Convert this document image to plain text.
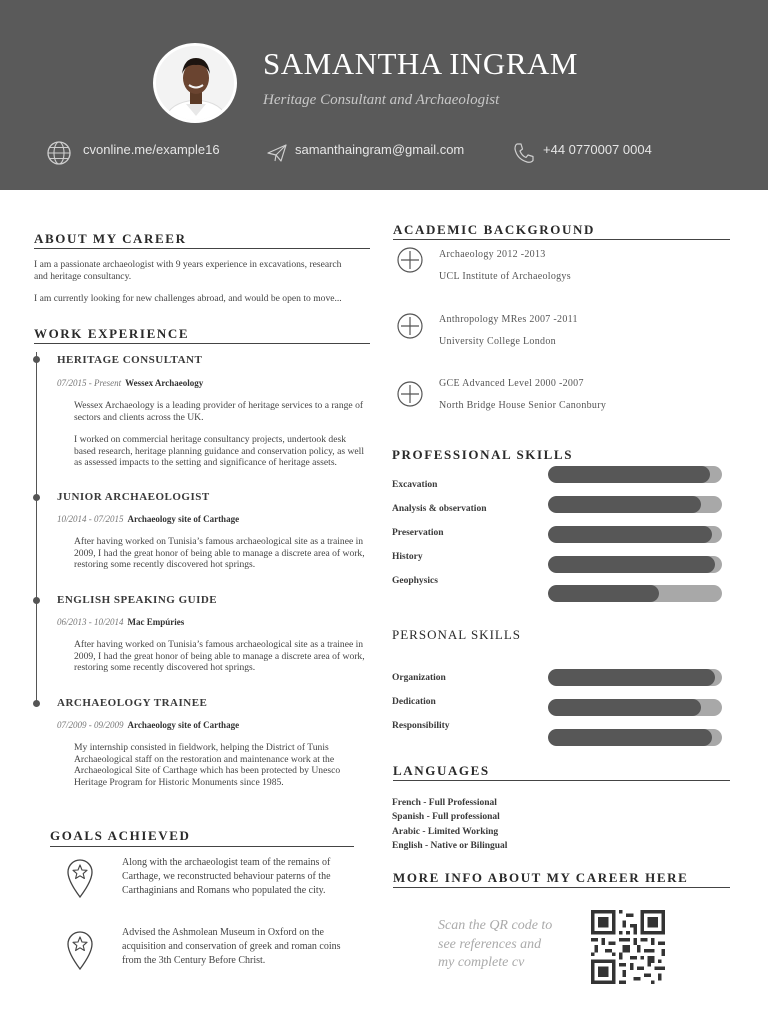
SAMANTHA INGRAM
Heritage Consultant and Archaeologist
cvonline.me/example16	samanthaingram@gmail.com	+44 0770007 0004
ABOUT MY CAREER
I am a passionate archaeologist with 9 years experience in excavations, research and heritage consultancy.
I am currently looking for new challenges abroad, and would be open to move...
WORK EXPERIENCE
HERITAGE CONSULTANT
07/2015 - Present Wessex Archaeology
Wessex Archaeology is a leading provider of heritage services to a range of sectors and clients across the UK.
I worked on commercial heritage consultancy projects, undertook desk based research, heritage planning guidance and conservation policy, as well as assessed impacts to the setting and significance of heritage assets.
JUNIOR ARCHAEOLOGIST
10/2014 - 07/2015 Archaeology site of Carthage
After having worked on Tunisia’s famous archaeological site as a trainee in 2009, I had the great honor of being able to manage a discrete area of work, restoring some recently discovered hot springs.
ENGLISH SPEAKING GUIDE
06/2013 - 10/2014 Mac Empúries
After having worked on Tunisia’s famous archaeological site as a trainee in 2009, I had the great honor of being able to manage a discrete area of work, restoring some recently discovered hot springs.
ARCHAEOLOGY TRAINEE
07/2009 - 09/2009 Archaeology site of Carthage
My internship consisted in fieldwork, helping the District of Tunis Archaeological staff on the restoration and maintenance work at the Archaeological Site of Carthage which has been protected by Unesco Heritage Program for Historic Monuments since 1985.
GOALS ACHIEVED
Along with the archaeologist team of the remains of Carthage, we reconstructed behaviour paterns of the Carthaginians and Romans who populated the city.
Advised the Ashmolean Museum in Oxford on the acquisition and conservation of greek and roman coins from the 3th Century Before Christ.
ACADEMIC BACKGROUND
Archaeology 2012 -2013
UCL Institute of Archaeologys
Anthropology MRes 2007 -2011
University College London
GCE Advanced Level 2000 -2007
North Bridge House Senior Canonbury
PROFESSIONAL SKILLS
Excavation
Analysis & observation
Preservation
History
Geophysics
PERSONAL SKILLS
Organization
Dedication
Responsibility
LANGUAGES
French - Full Professional
Spanish - Full professional
Arabic - Limited Working
English - Native or Bilingual
MORE INFO ABOUT MY CAREER HERE
Scan the QR code to
see references and
my complete cv
